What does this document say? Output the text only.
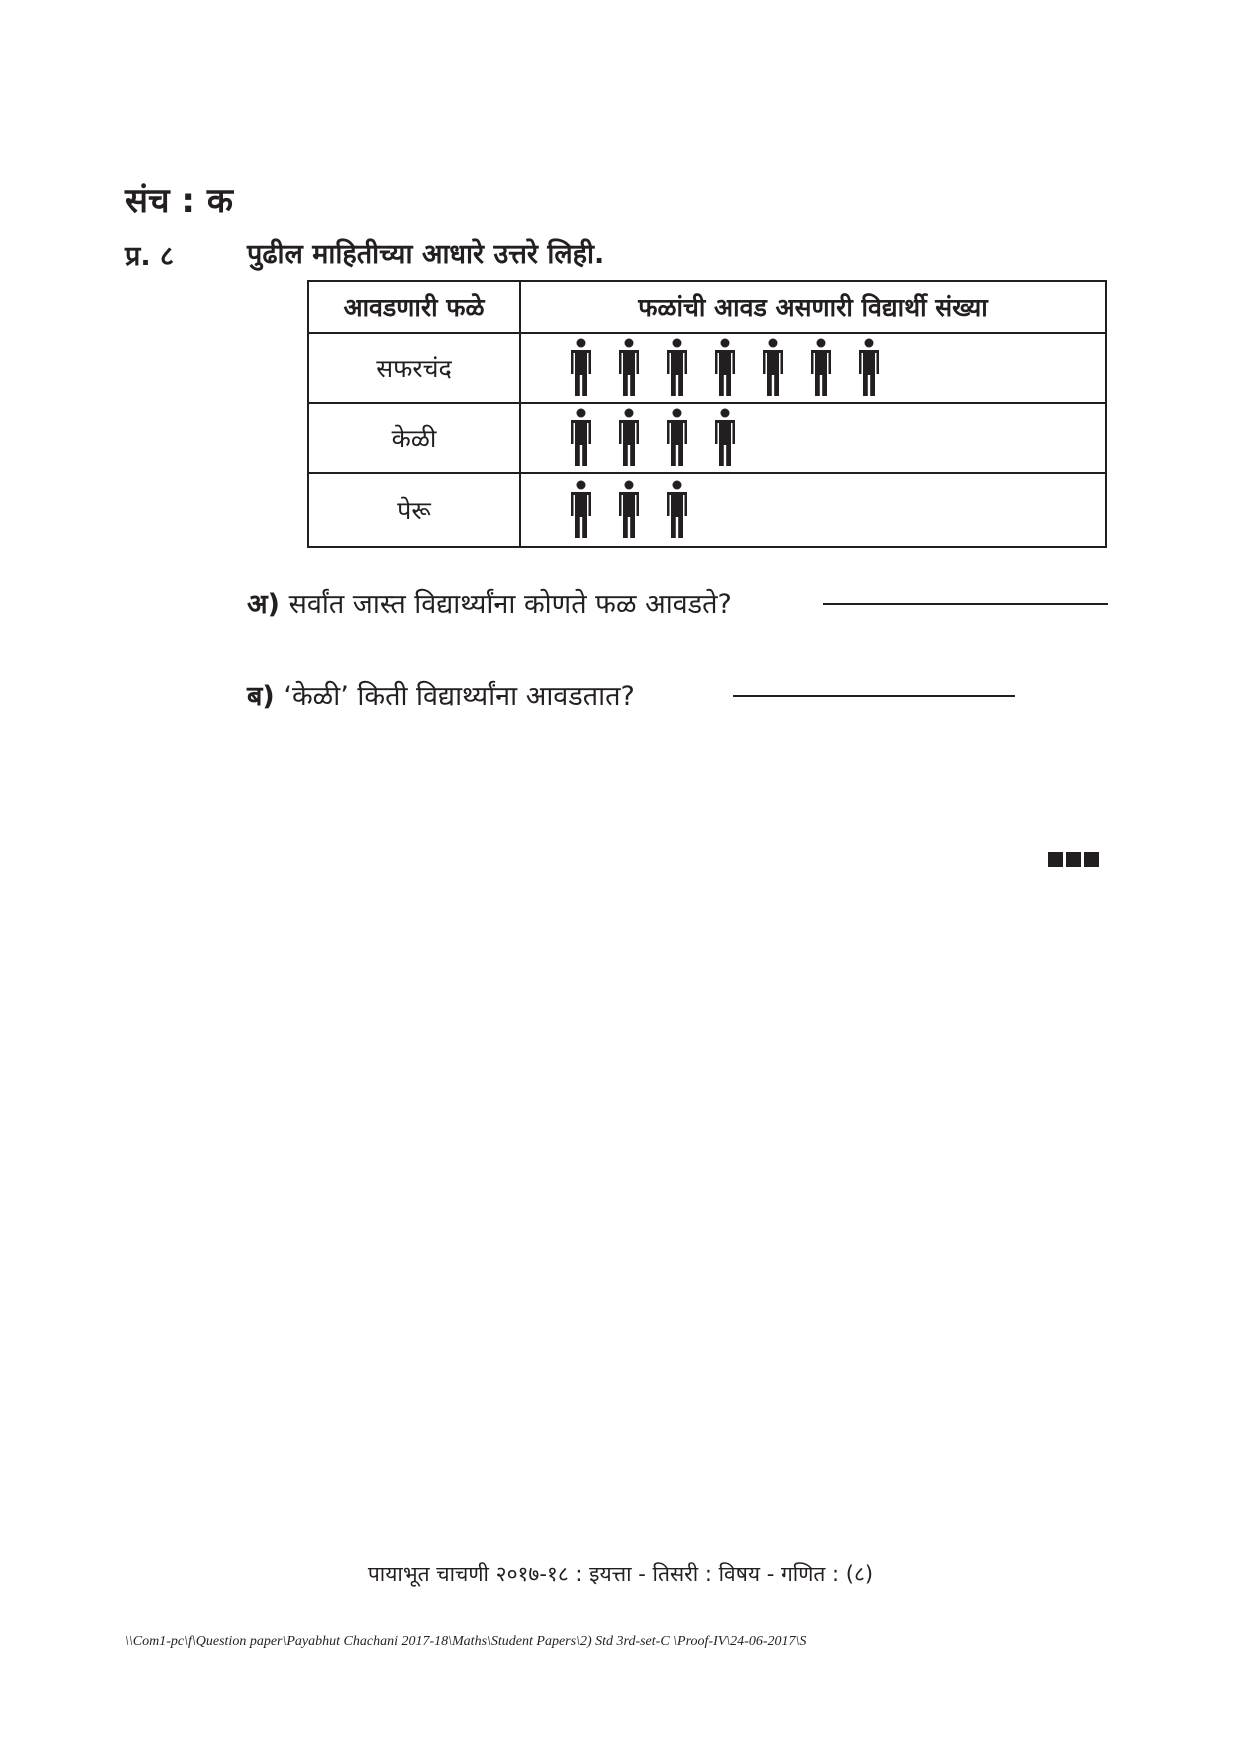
संच : क
प्र. ८	पुढील माहितीच्या आधारे उत्तरे लिही.
आवडणारी फळे	फळांची आवड असणारी विद्यार्थी संख्या
सफरचंद	
केळी	
पेरू	
अ) सर्वांत जास्त विद्यार्थ्यांना कोणते फळ आवडते?
ब) ‘केळी’ किती विद्यार्थ्यांना आवडतात?
पायाभूत चाचणी २०१७-१८ : इयत्ता - तिसरी : विषय - गणित : (८)
\\Com1-pc\f\Question paper\Payabhut Chachani 2017-18\Maths\Student Papers\2) Std 3rd-set-C \Proof-IV\24-06-2017\S
